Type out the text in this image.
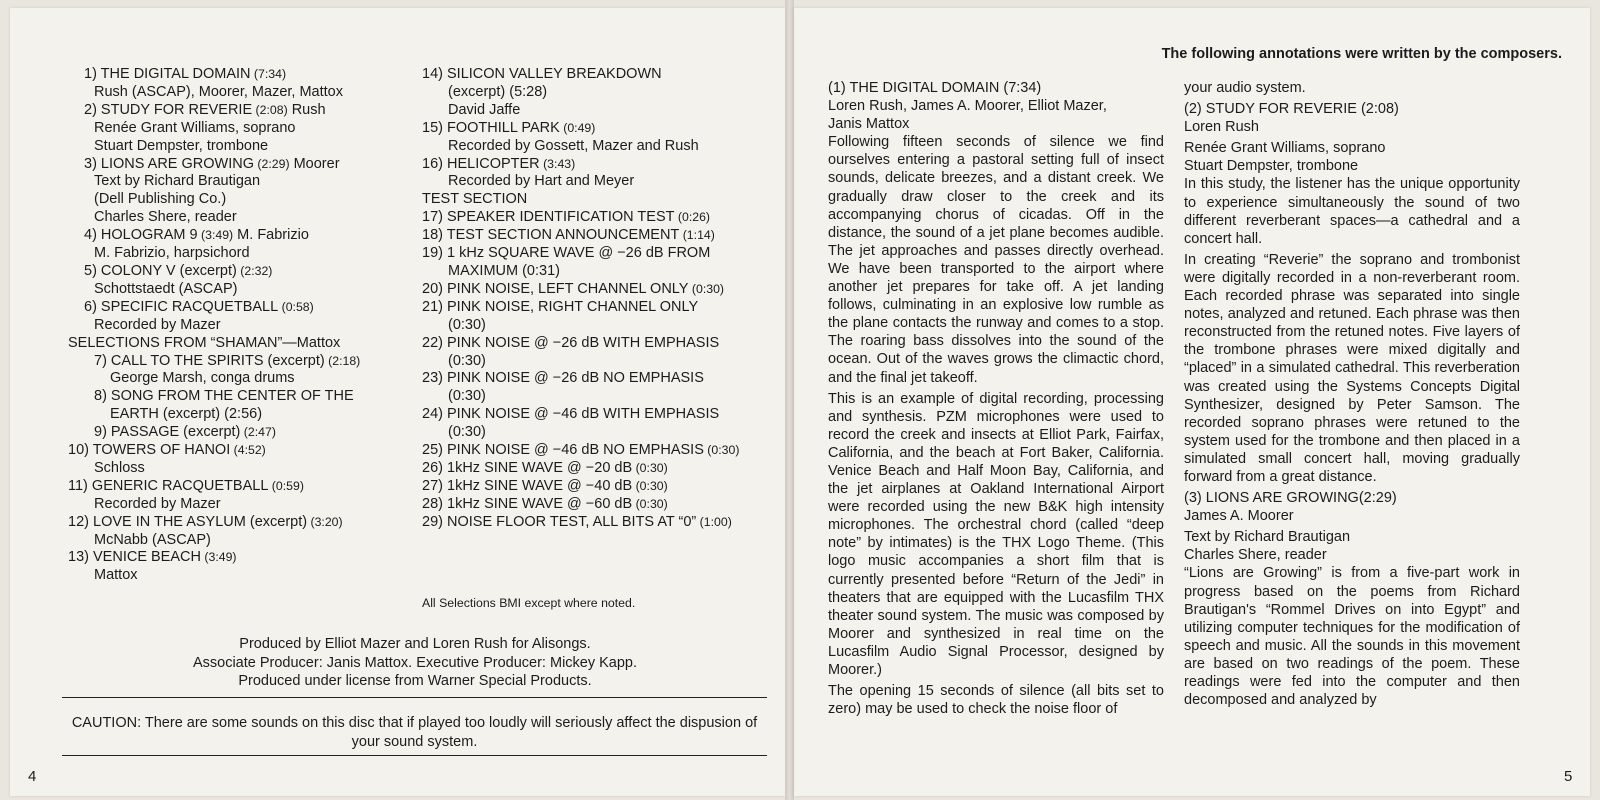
1) THE DIGITAL DOMAIN (7:34)
Rush (ASCAP), Moorer, Mazer, Mattox
2) STUDY FOR REVERIE (2:08) Rush
Renée Grant Williams, soprano
Stuart Dempster, trombone
3) LIONS ARE GROWING (2:29) Moorer
Text by Richard Brautigan
(Dell Publishing Co.)
Charles Shere, reader
4) HOLOGRAM 9 (3:49) M. Fabrizio
M. Fabrizio, harpsichord
5) COLONY V (excerpt) (2:32)
Schottstaedt (ASCAP)
6) SPECIFIC RACQUETBALL (0:58)
Recorded by Mazer
SELECTIONS FROM “SHAMAN”—Mattox
7) CALL TO THE SPIRITS (excerpt) (2:18)
George Marsh, conga drums
8) SONG FROM THE CENTER OF THE
EARTH (excerpt) (2:56)
9) PASSAGE (excerpt) (2:47)
10) TOWERS OF HANOI (4:52)
Schloss
11) GENERIC RACQUETBALL (0:59)
Recorded by Mazer
12) LOVE IN THE ASYLUM (excerpt) (3:20)
McNabb (ASCAP)
13) VENICE BEACH (3:49)
Mattox
14) SILICON VALLEY BREAKDOWN
(excerpt) (5:28)
David Jaffe
15) FOOTHILL PARK (0:49)
Recorded by Gossett, Mazer and Rush
16) HELICOPTER (3:43)
Recorded by Hart and Meyer
TEST SECTION
17) SPEAKER IDENTIFICATION TEST (0:26)
18) TEST SECTION ANNOUNCEMENT (1:14)
19) 1 kHz SQUARE WAVE @ −26 dB FROM
MAXIMUM (0:31)
20) PINK NOISE, LEFT CHANNEL ONLY (0:30)
21) PINK NOISE, RIGHT CHANNEL ONLY
(0:30)
22) PINK NOISE @ −26 dB WITH EMPHASIS
(0:30)
23) PINK NOISE @ −26 dB NO EMPHASIS
(0:30)
24) PINK NOISE @ −46 dB WITH EMPHASIS
(0:30)
25) PINK NOISE @ −46 dB NO EMPHASIS (0:30)
26) 1kHz SINE WAVE @ −20 dB (0:30)
27) 1kHz SINE WAVE @ −40 dB (0:30)
28) 1kHz SINE WAVE @ −60 dB (0:30)
29) NOISE FLOOR TEST, ALL BITS AT “0” (1:00)
All Selections BMI except where noted.
Produced by Elliot Mazer and Loren Rush for Alisongs.
Associate Producer: Janis Mattox. Executive Producer: Mickey Kapp.
Produced under license from Warner Special Products.
CAUTION: There are some sounds on this disc that if played too loudly will seriously affect the dispusion of your sound system.
4
The following annotations were written by the composers.

(1) THE DIGITAL DOMAIN (7:34)

Loren Rush, James A. Moorer, Elliot Mazer,

Janis Mattox

Following fifteen seconds of silence we find ourselves entering a pastoral setting full of insect sounds, delicate breezes, and a distant creek. We gradually draw closer to the creek and its accompanying chorus of cicadas. Off in the distance, the sound of a jet plane becomes audible. The jet approaches and passes directly overhead. We have been transported to the airport where another jet prepares for take off. A jet landing follows, culminating in an explosive low rumble as the plane contacts the runway and comes to a stop. The roaring bass dissolves into the sound of the ocean. Out of the waves grows the climactic chord, and the final jet takeoff.

This is an example of digital recording, processing and synthesis. PZM microphones were used to record the creek and insects at Elliot Park, Fairfax, California, and the beach at Fort Baker, California. Venice Beach and Half Moon Bay, California, and the jet airplanes at Oakland International Airport were recorded using the new B&K high intensity microphones. The orchestral chord (called “deep note” by intimates) is the THX Logo Theme. (This logo music accompanies a short film that is currently presented before “Return of the Jedi” in theaters that are equipped with the Lucasfilm THX theater sound system. The music was composed by Moorer and synthesized in real time on the Lucasfilm Audio Signal Processor, designed by Moorer.)

The opening 15 seconds of silence (all bits set to zero) may be used to check the noise floor of

your audio system.

(2) STUDY FOR REVERIE (2:08)

Loren Rush

Renée Grant Williams, soprano

Stuart Dempster, trombone

In this study, the listener has the unique opportunity to experience simultaneously the sound of two different reverberant spaces—a cathedral and a concert hall.

In creating “Reverie” the soprano and trombonist were digitally recorded in a non-reverberant room. Each recorded phrase was separated into single notes, analyzed and retuned. Each phrase was then reconstructed from the retuned notes. Five layers of the trombone phrases were mixed digitally and “placed” in a simulated cathedral. This reverberation was created using the Systems Concepts Digital Synthesizer, designed by Peter Samson. The recorded soprano phrases were retuned to the system used for the trombone and then placed in a simulated small concert hall, moving gradually forward from a great distance.

(3) LIONS ARE GROWING(2:29)

James A. Moorer

Text by Richard Brautigan

Charles Shere, reader

“Lions are Growing” is from a five-part work in progress based on the poems from Richard Brautigan's “Rommel Drives on into Egypt” and utilizing computer techniques for the modification of speech and music. All the sounds in this movement are based on two readings of the poem. These readings were fed into the computer and then decomposed and analyzed by

5
